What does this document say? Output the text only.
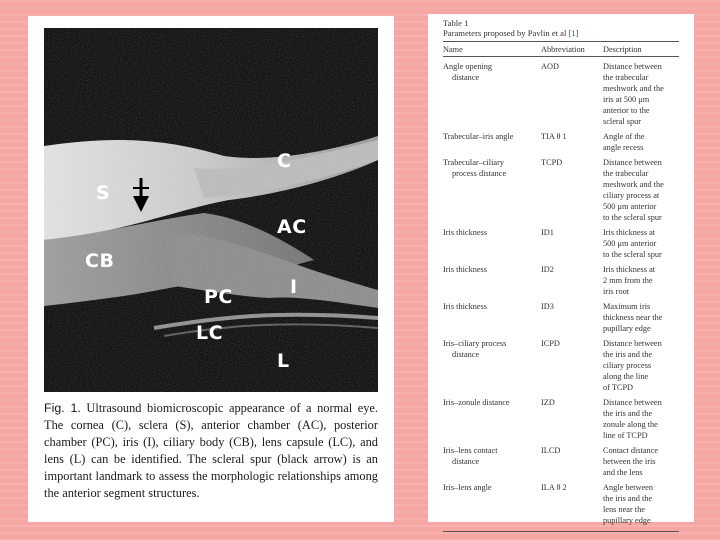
C
S
AC
CB
I
PC
LC
L
Fig. 1. Ultrasound biomicroscopic appearance of a normal eye. The cornea (C), sclera (S), anterior chamber (AC), posterior chamber (PC), iris (I), ciliary body (CB), lens capsule (LC), and lens (L) can be identified. The scleral spur (black arrow) is an important landmark to assess the morphologic relationships among the anterior segment structures.
Table 1
Parameters proposed by Pavlin et al [1]
Name	Abbreviation	Description
Angle opening
distance
AOD	Distance between
the trabecular
meshwork and the
iris at 500 μm
anterior to the
scleral spur
Trabecular–iris angle	TIA θ 1	Angle of the
angle recess
Trabecular–ciliary
process distance
TCPD	Distance between
the trabecular
meshwork and the
ciliary process at
500 μm anterior
to the scleral spur
Iris thickness	ID1	Iris thickness at
500 μm anterior
to the scleral spur
Iris thickness	ID2	Iris thickness at
2 mm from the
iris root
Iris thickness	ID3	Maximum iris
thickness near the
pupillary edge
Iris–ciliary process
distance
ICPD	Distance between
the iris and the
ciliary process
along the line
of TCPD
Iris–zonule distance	IZD	Distance between
the iris and the
zonule along the
line of TCPD
Iris–lens contact
distance
ILCD	Contact distance
between the iris
and the lens
Iris–lens angle	ILA θ 2	Angle between
the iris and the
lens near the
pupillary edge
